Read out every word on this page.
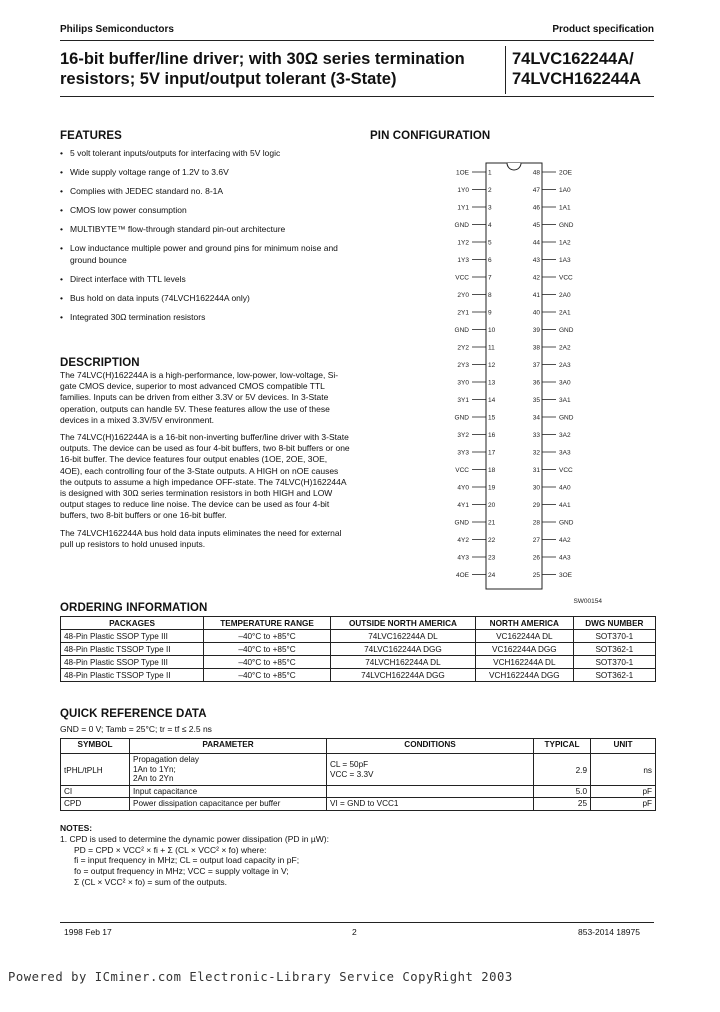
Philips Semiconductors	Product specification
16-bit buffer/line driver; with 30Ω series termination
resistors; 5V input/output tolerant (3-State)
74LVC162244A/
74LVCH162244A
FEATURES
• 5 volt tolerant inputs/outputs for interfacing with 5V logic
• Wide supply voltage range of 1.2V to 3.6V
• Complies with JEDEC standard no. 8-1A
• CMOS low power consumption
• MULTIBYTE™ flow-through standard pin-out architecture
• Low inductance multiple power and ground pins for minimum noise and ground bounce
• Direct interface with TTL levels
• Bus hold on data inputs (74LVCH162244A only)
• Integrated 30Ω termination resistors
DESCRIPTION

The 74LVC(H)162244A is a high-performance, low-power, low-voltage, Si-gate CMOS device, superior to most advanced CMOS compatible TTL families. Inputs can be driven from either 3.3V or 5V devices. In 3-State operation, outputs can handle 5V. These features allow the use of these devices in a mixed 3.3V/5V environment.

The 74LVC(H)162244A is a 16-bit non-inverting buffer/line driver with 3-State outputs. The device can be used as four 4-bit buffers, two 8-bit buffers or one 16-bit buffer. The device features four output enables (1OE, 2OE, 3OE, 4OE), each controlling four of the 3-State outputs. A HIGH on nOE causes the outputs to assume a high impedance OFF-state. The 74LVC(H)162244A is designed with 30Ω series termination resistors in both HIGH and LOW output stages to reduce line noise. The device can be used as four 4-bit buffers, two 8-bit buffers or one 16-bit buffer.

The 74LVCH162244A bus hold data inputs eliminates the need for external pull up resistors to hold unused inputs.

PIN CONFIGURATION
1OE	1	48	2OE
1Y0	2	47	1A0
1Y1	3	46	1A1
GND	4	45	GND
1Y2	5	44	1A2
1Y3	6	43	1A3
VCC	7	42	VCC
2Y0	8	41	2A0
2Y1	9	40	2A1
GND	10	39	GND
2Y2	11	38	2A2
2Y3	12	37	2A3
3Y0	13	36	3A0
3Y1	14	35	3A1
GND	15	34	GND
3Y2	16	33	3A2
3Y3	17	32	3A3
VCC	18	31	VCC
4Y0	19	30	4A0
4Y1	20	29	4A1
GND	21	28	GND
4Y2	22	27	4A2
4Y3	23	26	4A3
4OE	24	25	3OE
SW00154
ORDERING INFORMATION
PACKAGES	TEMPERATURE RANGE	OUTSIDE NORTH AMERICA	NORTH AMERICA	DWG NUMBER
48-Pin Plastic SSOP Type III	–40°C to +85°C	74LVC162244A DL	VC162244A DL	SOT370-1
48-Pin Plastic TSSOP Type II	–40°C to +85°C	74LVC162244A DGG	VC162244A DGG	SOT362-1
48-Pin Plastic SSOP Type III	–40°C to +85°C	74LVCH162244A DL	VCH162244A DL	SOT370-1
48-Pin Plastic TSSOP Type II	–40°C to +85°C	74LVCH162244A DGG	VCH162244A DGG	SOT362-1
QUICK REFERENCE DATA
GND = 0 V; Tamb = 25°C; tr = tf ≤ 2.5 ns
SYMBOL	PARAMETER	CONDITIONS	TYPICAL	UNIT
tPHL/tPLH	Propagation delay
1An to 1Yn;
2An to 2Yn	CL = 50pF
VCC = 3.3V	2.9	ns
CI	Input capacitance		5.0	pF
CPD	Power dissipation capacitance per buffer	VI = GND to VCC1	25	pF
NOTES:
1. CPD is used to determine the dynamic power dissipation (PD in µW):
PD = CPD × VCC² × fi + Σ (CL × VCC² × fo) where:
fi = input frequency in MHz; CL = output load capacity in pF;
fo = output frequency in MHz; VCC = supply voltage in V;
Σ (CL × VCC² × fo) = sum of the outputs.
1998 Feb 17	2	853-2014 18975
Powered by ICminer.com Electronic-Library Service CopyRight 2003
